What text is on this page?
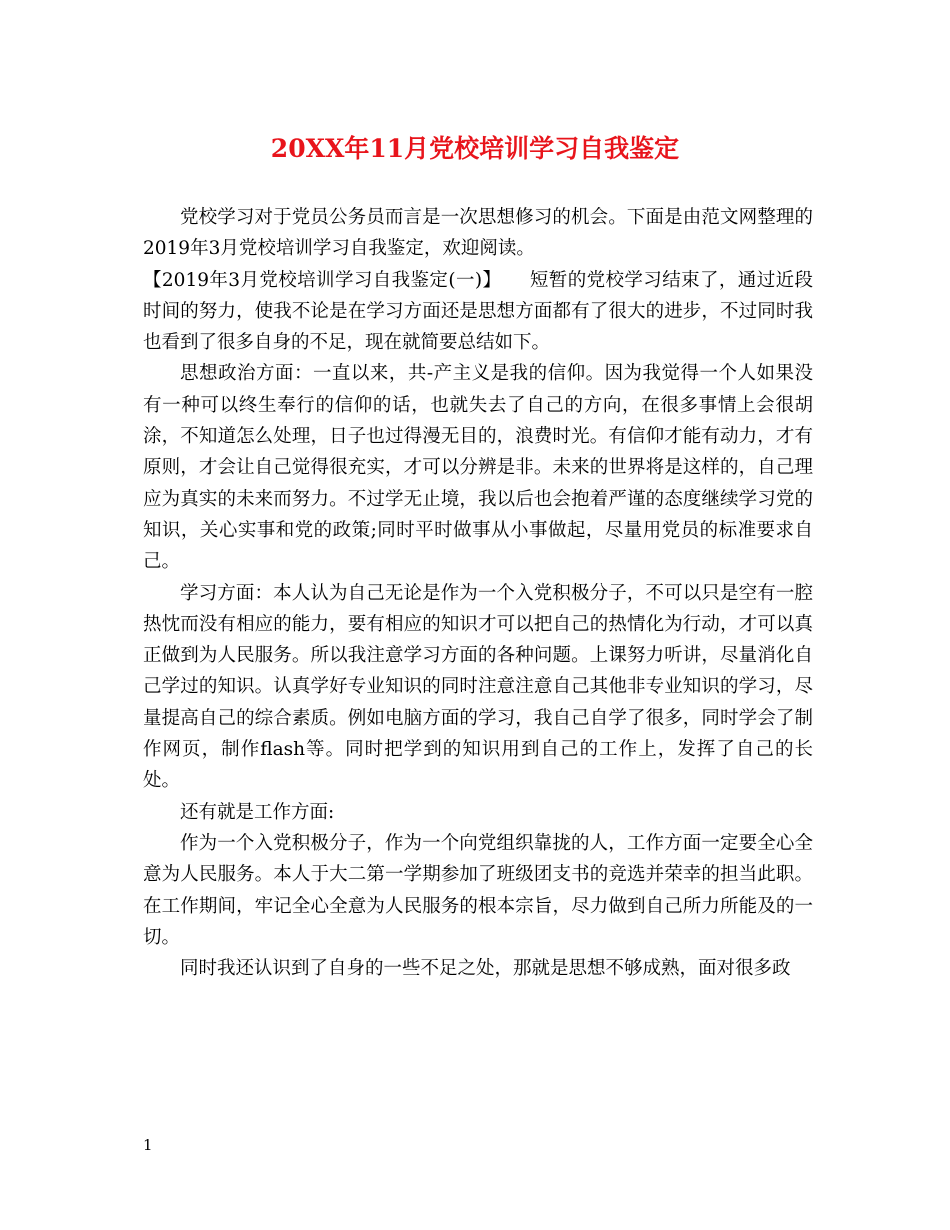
20XX年11月党校培训学习自我鉴定

党校学习对于党员公务员而言是一次思想修习的机会。下面是由范文网整理的2019年3月党校培训学习自我鉴定，欢迎阅读。

【2019年3月党校培训学习自我鉴定(一)】　　短暂的党校学习结束了，通过近段时间的努力，使我不论是在学习方面还是思想方面都有了很大的进步，不过同时我也看到了很多自身的不足，现在就简要总结如下。

思想政治方面：一直以来，共-产主义是我的信仰。因为我觉得一个人如果没有一种可以终生奉行的信仰的话，也就失去了自己的方向，在很多事情上会很胡涂，不知道怎么处理，日子也过得漫无目的，浪费时光。有信仰才能有动力，才有原则，才会让自己觉得很充实，才可以分辨是非。未来的世界将是这样的，自己理应为真实的未来而努力。不过学无止境，我以后也会抱着严谨的态度继续学习党的知识，关心实事和党的政策;同时平时做事从小事做起，尽量用党员的标准要求自己。

学习方面：本人认为自己无论是作为一个入党积极分子，不可以只是空有一腔热忱而没有相应的能力，要有相应的知识才可以把自己的热情化为行动，才可以真正做到为人民服务。所以我注意学习方面的各种问题。上课努力听讲，尽量消化自己学过的知识。认真学好专业知识的同时注意注意自己其他非专业知识的学习，尽量提高自己的综合素质。例如电脑方面的学习，我自己自学了很多，同时学会了制作网页，制作flash等。同时把学到的知识用到自己的工作上，发挥了自己的长处。

还有就是工作方面:

作为一个入党积极分子，作为一个向党组织靠拢的人，工作方面一定要全心全意为人民服务。本人于大二第一学期参加了班级团支书的竞选并荣幸的担当此职。在工作期间，牢记全心全意为人民服务的根本宗旨，尽力做到自己所力所能及的一切。

同时我还认识到了自身的一些不足之处，那就是思想不够成熟，面对很多政

1
